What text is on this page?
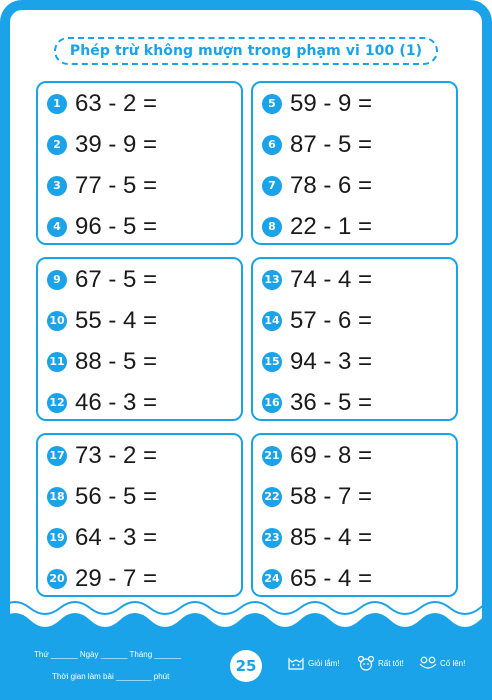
Phép trừ không mượn trong phạm vi 100 (1)
1 63 - 2 =
2 39 - 9 =
3 77 - 5 =
4 96 - 5 =
5 59 - 9 =
6 87 - 5 =
7 78 - 6 =
8 22 - 1 =
9 67 - 5 =
10 55 - 4 =
11 88 - 5 =
12 46 - 3 =
13 74 - 4 =
14 57 - 6 =
15 94 - 3 =
16 36 - 5 =
17 73 - 2 =
18 56 - 5 =
19 64 - 3 =
20 29 - 7 =
21 69 - 8 =
22 58 - 7 =
23 85 - 4 =
24 65 - 4 =
Thứ ______ Ngày ______ Tháng ______
Thời gian làm bài ________ phút
25	Giỏi lắm!	Rất tốt!	Cố lên!
